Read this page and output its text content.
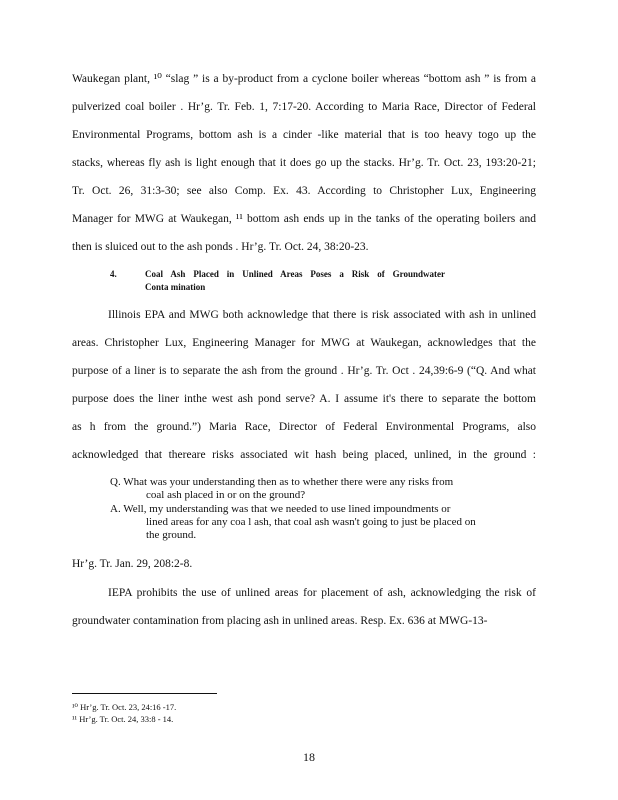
Waukegan plant, ¹⁰ “slag ” is a by-product from a cyclone boiler whereas “bottom ash ” is from a
pulverized coal boiler . Hr’g. Tr. Feb. 1, 7:17-20. According to Maria Race, Director of Federal
Environmental Programs, bottom ash is a cinder -like material that is too heavy togo up the
stacks, whereas fly ash is light enough that it does go up the stacks. Hr’g. Tr. Oct. 23, 193:20-21;
Tr. Oct. 26, 31:3-30; see also Comp. Ex. 43. According to Christopher Lux, Engineering
Manager for MWG at Waukegan, ¹¹ bottom ash ends up in the tanks of the operating boilers and
then is sluiced out to the ash ponds . Hr’g. Tr. Oct. 24, 38:20-23.
4.	Coal Ash Placed in Unlined Areas Poses a Risk of Groundwater
Conta mination
Illinois EPA and MWG both acknowledge that there is risk associated with ash in unlined
areas. Christopher Lux, Engineering Manager for MWG at Waukegan, acknowledges that the
purpose of a liner is to separate the ash from the ground . Hr’g. Tr. Oct . 24,39:6-9 (“Q. And what
purpose does the liner inthe west ash pond serve? A. I assume it's there to separate the bottom
as h from the ground.”) Maria Race, Director of Federal Environmental Programs, also
acknowledged that thereare risks associated wit hash being placed, unlined, in the ground :
Q. What was your understanding then as to whether there were any risks from
coal ash placed in or on the ground?
A. Well, my understanding was that we needed to use lined impoundments or
lined areas for any coa l ash, that coal ash wasn't going to just be placed on
the ground.
Hr’g. Tr. Jan. 29, 208:2-8.
IEPA prohibits the use of unlined areas for placement of ash, acknowledging the risk of
groundwater contamination from placing ash in unlined areas. Resp. Ex. 636 at MWG-13-
¹⁰ Hr’g. Tr. Oct. 23, 24:16 -17.
¹¹ Hr’g. Tr. Oct. 24, 33:8 - 14.
18
